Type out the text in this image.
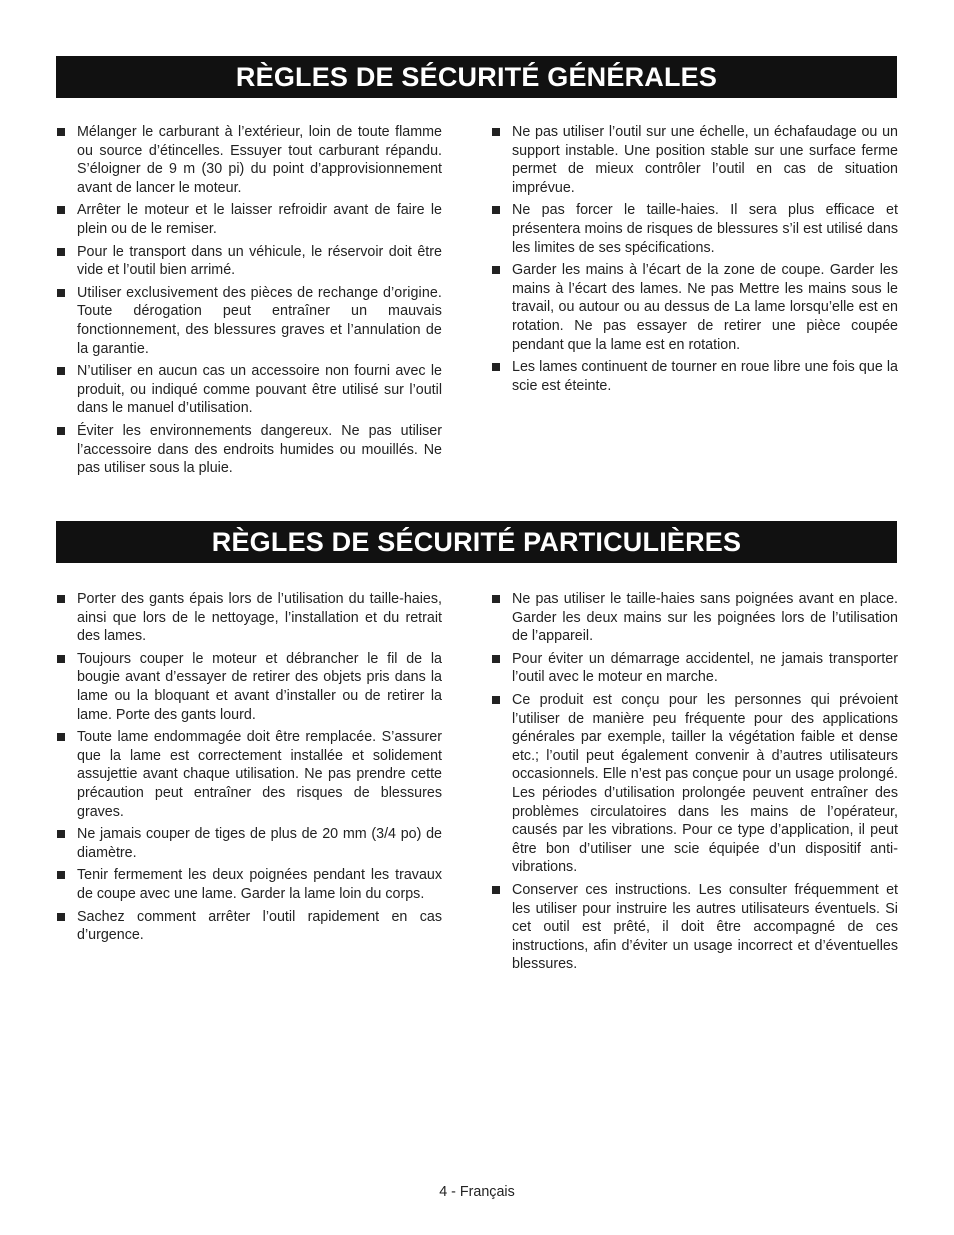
RÈGLES DE SÉCURITÉ GÉNÉRALES
Mélanger le carburant à l’extérieur, loin de toute flamme ou source d’étincelles. Essuyer tout carburant répandu. S’éloigner de 9 m (30 pi) du point d’approvisionnement avant de lancer le moteur.
Arrêter le moteur et le laisser refroidir avant de faire le plein ou de le remiser.
Pour le transport dans un véhicule, le réservoir doit être vide et l’outil bien arrimé.
Utiliser exclusivement des pièces de rechange d’origine. Toute dérogation peut entraîner un mauvais fonctionnement, des blessures graves et l’annulation de la garantie.
N’utiliser en aucun cas un accessoire non fourni avec le produit, ou indiqué comme pouvant être utilisé sur l’outil dans le manuel d’utilisation.
Éviter les environnements dangereux. Ne pas utiliser l’accessoire dans des endroits humides ou mouillés. Ne pas utiliser sous la pluie.
Ne pas utiliser l’outil sur une échelle, un échafaudage ou un support instable. Une position stable sur une surface ferme permet de mieux contrôler l’outil en cas de situation imprévue.
Ne pas forcer le taille-haies. Il sera plus efficace et présentera moins de risques de blessures s’il est utilisé dans les limites de ses spécifications.
Garder les mains à l’écart de la zone de coupe. Garder les mains à l’écart des lames. Ne pas Mettre les mains sous le travail, ou autour ou au dessus de La lame lorsqu’elle est en rotation. Ne pas essayer de retirer une pièce coupée pendant que la lame est en rotation.
Les lames continuent de tourner en roue libre une fois que la scie est éteinte.
RÈGLES DE SÉCURITÉ PARTICULIÈRES
Porter des gants épais lors de l’utilisation du taille-haies, ainsi que lors de le nettoyage, l’installation et du retrait des lames.
Toujours couper le moteur et débrancher le fil de la bougie avant d’essayer de retirer des objets pris dans la lame ou la bloquant et avant d’installer ou de retirer la lame. Porte des gants lourd.
Toute lame endommagée doit être remplacée. S’assurer que la lame est correctement installée et solidement assujettie avant chaque utilisation. Ne pas prendre cette précaution peut entraîner des risques de blessures graves.
Ne jamais couper de tiges de plus de 20 mm (3/4 po) de diamètre.
Tenir fermement les deux poignées pendant les travaux de coupe avec une lame. Garder la lame loin du corps.
Sachez comment arrêter l’outil rapidement en cas d’urgence.
Ne pas utiliser le taille-haies sans poignées avant en place. Garder les deux mains sur les poignées lors de l’utilisation de l’appareil.
Pour éviter un démarrage accidentel, ne jamais transporter l’outil avec le moteur en marche.
Ce produit est conçu pour les personnes qui prévoient l’utiliser de manière peu fréquente pour des applications générales par exemple, tailler la végétation faible et dense etc.; l’outil peut également convenir à d’autres utilisateurs occasionnels. Elle n’est pas conçue pour un usage prolongé. Les périodes d’utilisation prolongée peuvent entraîner des problèmes circulatoires dans les mains de l’opérateur, causés par les vibrations. Pour ce type d’application, il peut être bon d’utiliser une scie équipée d’un dispositif anti-vibrations.
Conserver ces instructions. Les consulter fréquemment et les utiliser pour instruire les autres utilisateurs éventuels. Si cet outil est prêté, il doit être accompagné de ces instructions, afin d’éviter un usage incorrect et d’éventuelles blessures.
4 - Français
